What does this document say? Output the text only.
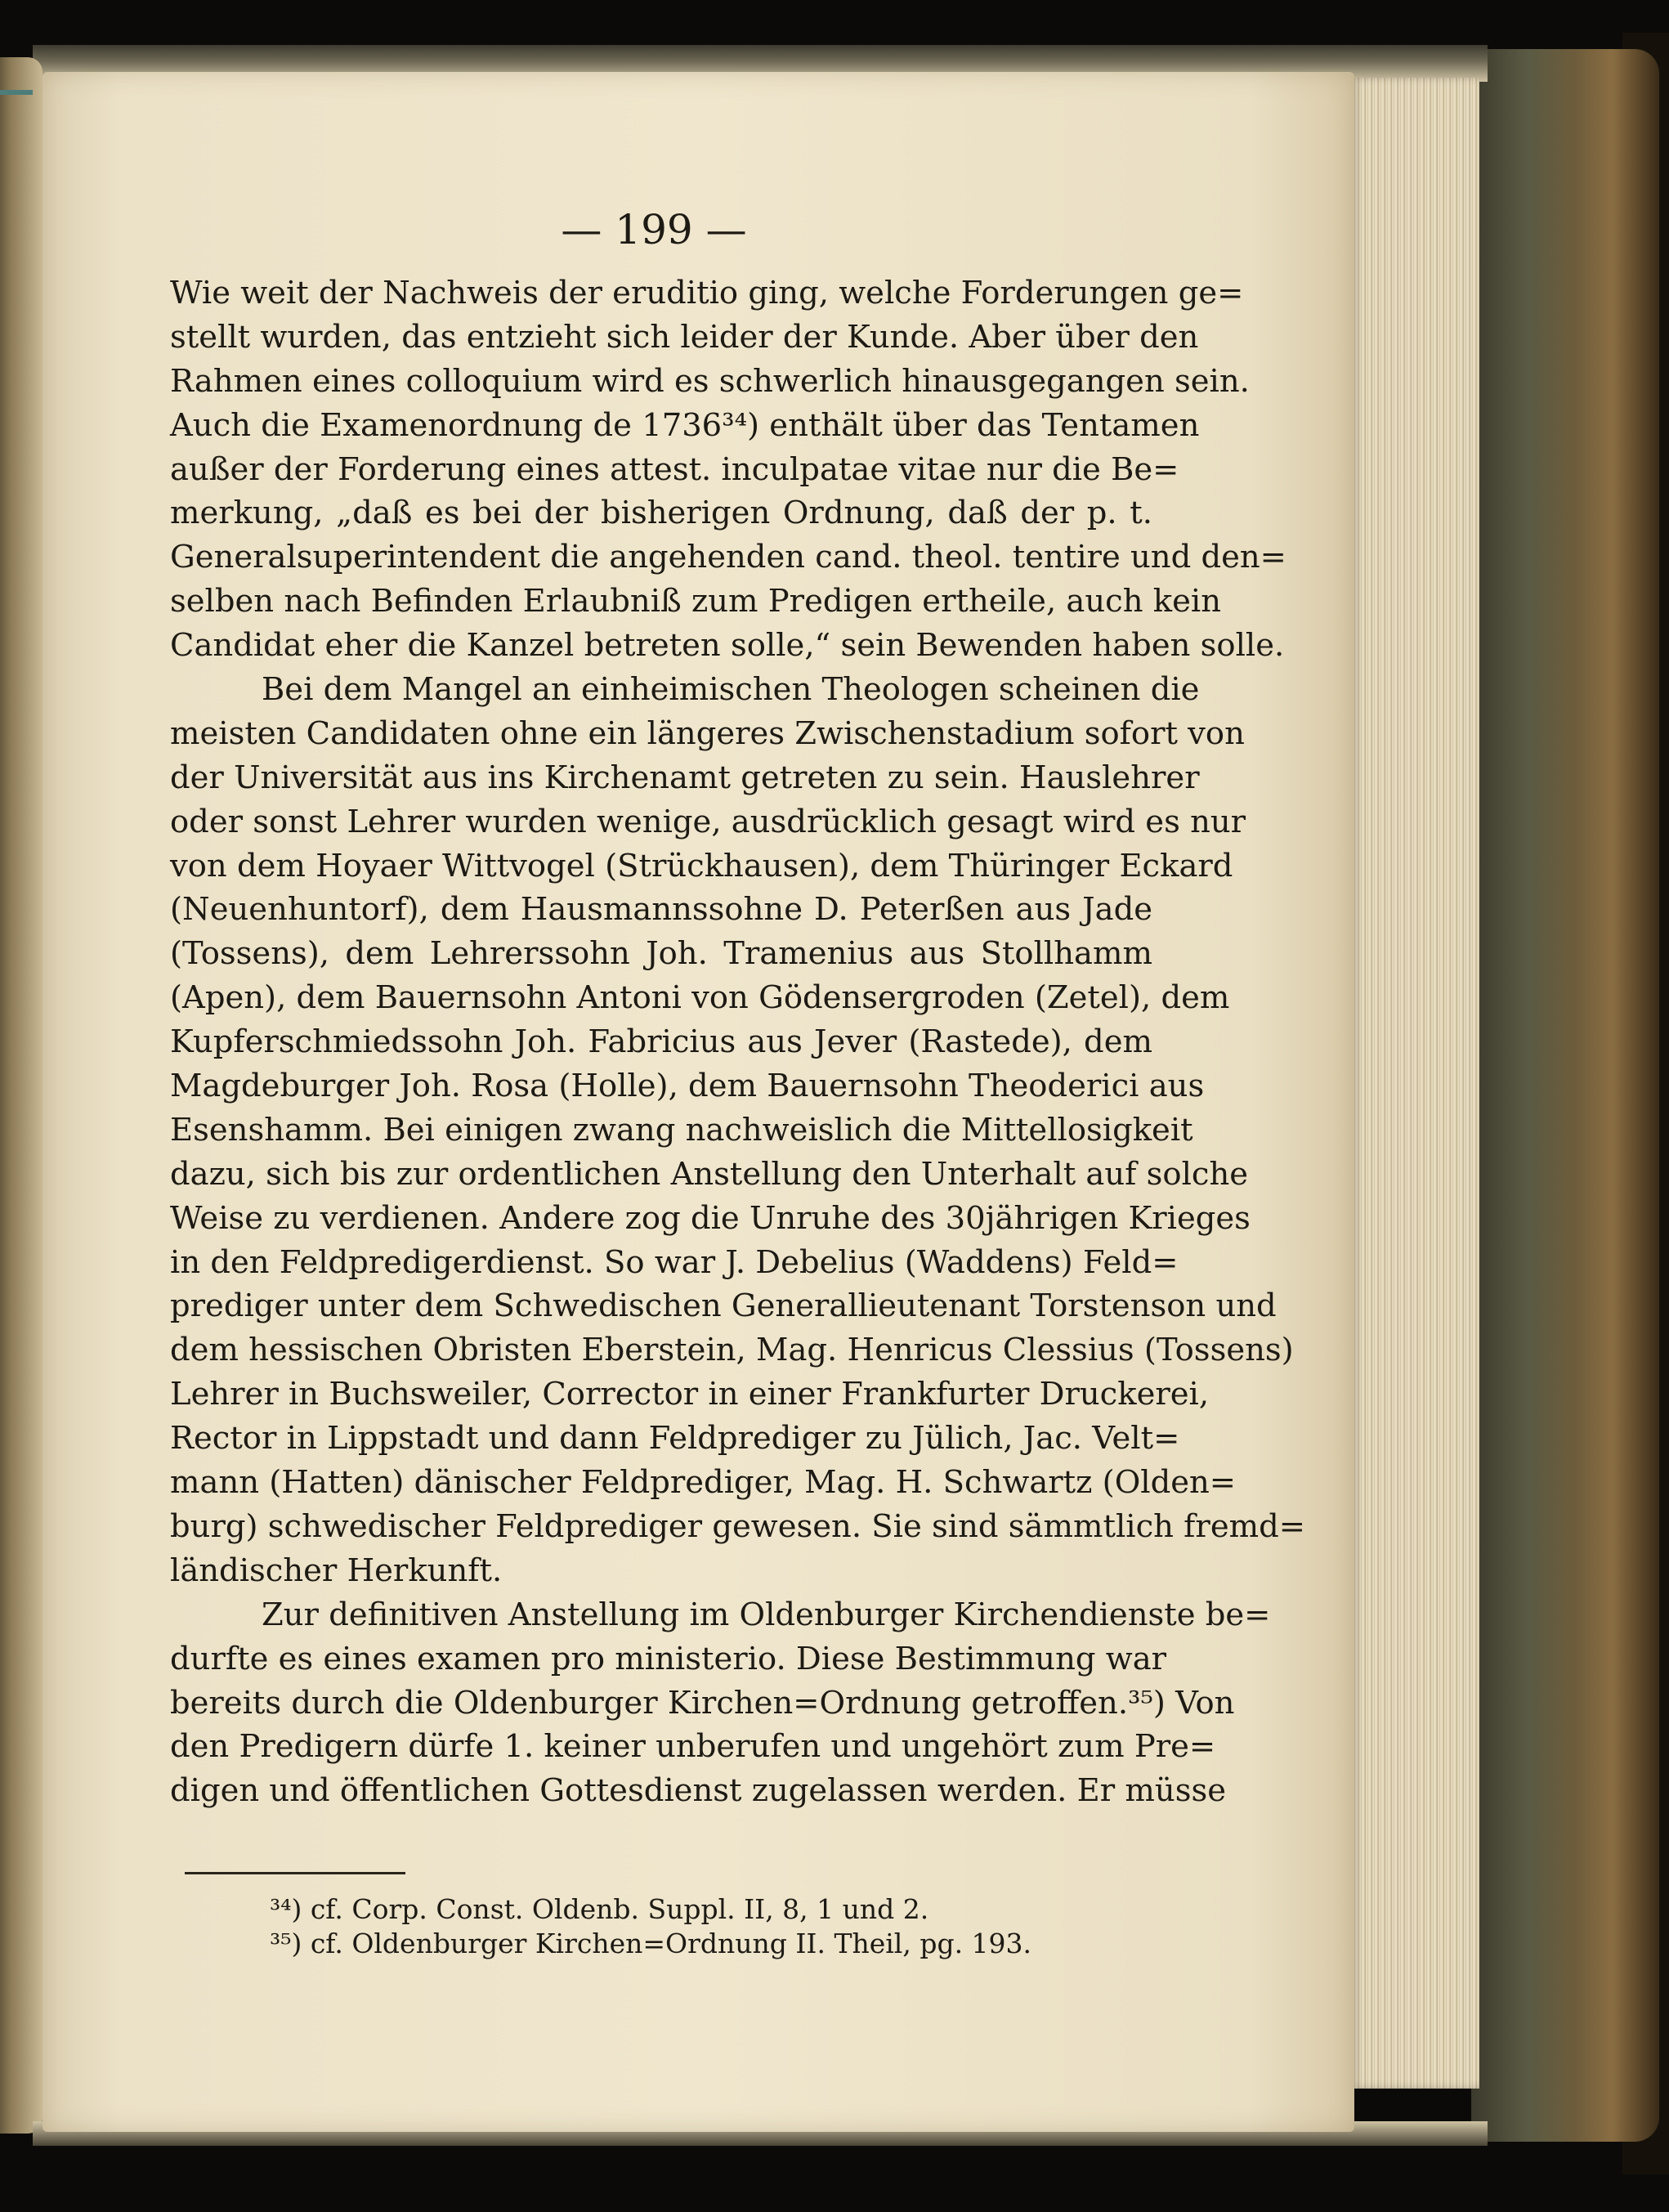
— 199 —
Wie weit der Nachweis der eruditio ging, welche Forderungen ge=
stellt wurden, das entzieht sich leider der Kunde. Aber über den
Rahmen eines colloquium wird es schwerlich hinausgegangen sein.
Auch die Examenordnung de 1736³⁴) enthält über das Tentamen
außer der Forderung eines attest. inculpatae vitae nur die Be=
merkung, „daß es bei der bisherigen Ordnung, daß der p. t.
Generalsuperintendent die angehenden cand. theol. tentire und den=
selben nach Befinden Erlaubniß zum Predigen ertheile, auch kein
Candidat eher die Kanzel betreten solle,“ sein Bewenden haben solle.
Bei dem Mangel an einheimischen Theologen scheinen die
meisten Candidaten ohne ein längeres Zwischenstadium sofort von
der Universität aus ins Kirchenamt getreten zu sein. Hauslehrer
oder sonst Lehrer wurden wenige, ausdrücklich gesagt wird es nur
von dem Hoyaer Wittvogel (Strückhausen), dem Thüringer Eckard
(Neuenhuntorf), dem Hausmannssohne D. Peterßen aus Jade
(Tossens), dem Lehrerssohn Joh. Tramenius aus Stollhamm
(Apen), dem Bauernsohn Antoni von Gödensergroden (Zetel), dem
Kupferschmiedssohn Joh. Fabricius aus Jever (Rastede), dem
Magdeburger Joh. Rosa (Holle), dem Bauernsohn Theoderici aus
Esenshamm. Bei einigen zwang nachweislich die Mittellosigkeit
dazu, sich bis zur ordentlichen Anstellung den Unterhalt auf solche
Weise zu verdienen. Andere zog die Unruhe des 30jährigen Krieges
in den Feldpredigerdienst. So war J. Debelius (Waddens) Feld=
prediger unter dem Schwedischen Generallieutenant Torstenson und
dem hessischen Obristen Eberstein, Mag. Henricus Clessius (Tossens)
Lehrer in Buchsweiler, Corrector in einer Frankfurter Druckerei,
Rector in Lippstadt und dann Feldprediger zu Jülich, Jac. Velt=
mann (Hatten) dänischer Feldprediger, Mag. H. Schwartz (Olden=
burg) schwedischer Feldprediger gewesen. Sie sind sämmtlich fremd=
ländischer Herkunft.
Zur definitiven Anstellung im Oldenburger Kirchendienste be=
durfte es eines examen pro ministerio. Diese Bestimmung war
bereits durch die Oldenburger Kirchen=Ordnung getroffen.³⁵) Von
den Predigern dürfe 1. keiner unberufen und ungehört zum Pre=
digen und öffentlichen Gottesdienst zugelassen werden. Er müsse
³⁴) cf. Corp. Const. Oldenb. Suppl. II, 8, 1 und 2.
³⁵) cf. Oldenburger Kirchen=Ordnung II. Theil, pg. 193.
